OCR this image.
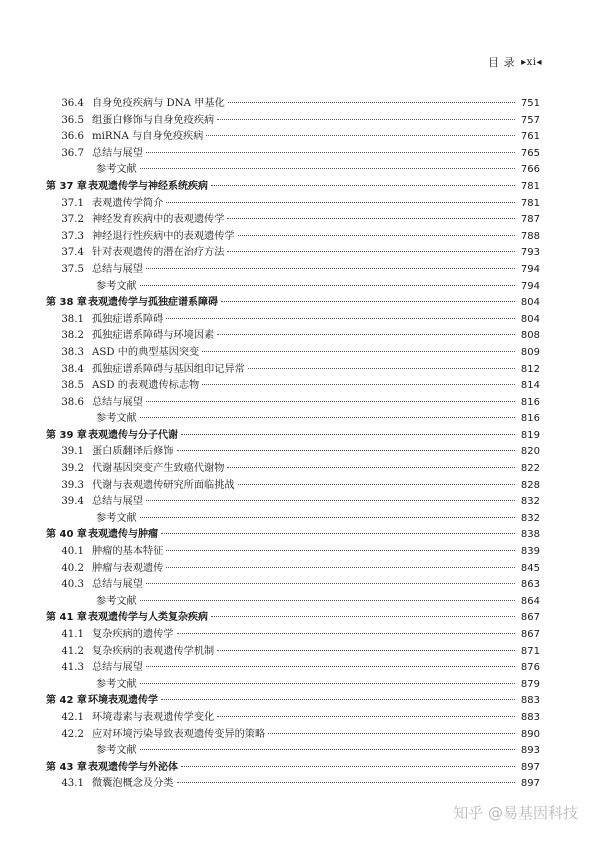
目 录 ▸xi◂
36.4 自身免疫疾病与 DNA 甲基化	751
36.5 组蛋白修饰与自身免疫疾病	757
36.6 miRNA 与自身免疫疾病	761
36.7 总结与展望	765
参考文献	766
第 37 章 表观遗传学与神经系统疾病	781
37.1 表观遗传学简介	781
37.2 神经发育疾病中的表观遗传学	787
37.3 神经退行性疾病中的表观遗传学	788
37.4 针对表观遗传的潜在治疗方法	793
37.5 总结与展望	794
参考文献	794
第 38 章 表观遗传学与孤独症谱系障碍	804
38.1 孤独症谱系障碍	804
38.2 孤独症谱系障碍与环境因素	808
38.3 ASD 中的典型基因突变	809
38.4 孤独症谱系障碍与基因组印记异常	812
38.5 ASD 的表观遗传标志物	814
38.6 总结与展望	816
参考文献	816
第 39 章 表观遗传与分子代谢	819
39.1 蛋白质翻译后修饰	820
39.2 代谢基因突变产生致癌代谢物	822
39.3 代谢与表观遗传研究所面临挑战	828
39.4 总结与展望	832
参考文献	832
第 40 章 表观遗传与肿瘤	838
40.1 肿瘤的基本特征	839
40.2 肿瘤与表观遗传	845
40.3 总结与展望	863
参考文献	864
第 41 章 表观遗传学与人类复杂疾病	867
41.1 复杂疾病的遗传学	867
41.2 复杂疾病的表观遗传学机制	871
41.3 总结与展望	876
参考文献	879
第 42 章 环境表观遗传学	883
42.1 环境毒素与表观遗传学变化	883
42.2 应对环境污染导致表观遗传变异的策略	890
参考文献	893
第 43 章 表观遗传学与外泌体	897
43.1 微囊泡概念及分类	897
知乎 @易基因科技
